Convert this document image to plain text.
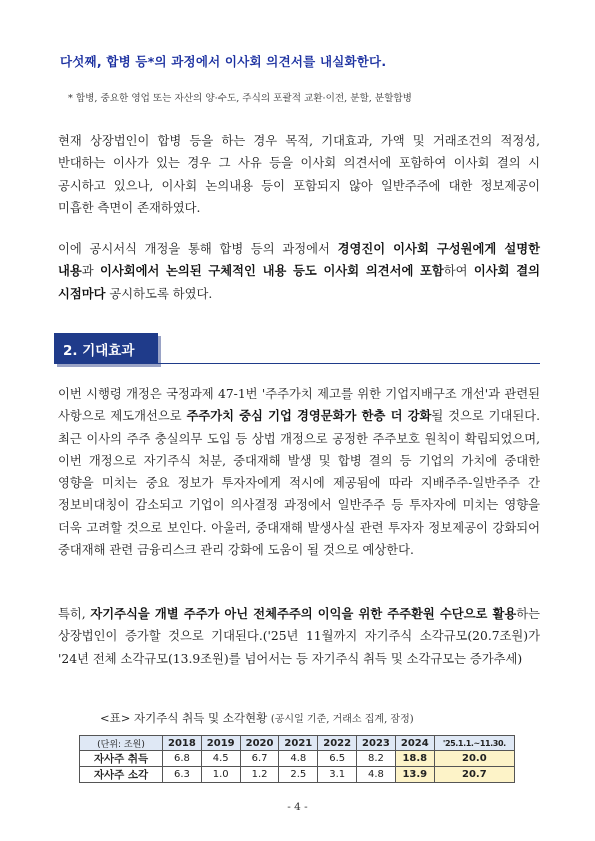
다섯째, 합병 등*의 과정에서 이사회 의견서를 내실화한다.
* 합병, 중요한 영업 또는 자산의 양·수도, 주식의 포괄적 교환·이전, 분할, 분할합병
현재 상장법인이 합병 등을 하는 경우 목적, 기대효과, 가액 및 거래조건의 적정성, 반대하는 이사가 있는 경우 그 사유 등을 이사회 의견서에 포함하여 이사회 결의 시 공시하고 있으나, 이사회 논의내용 등이 포함되지 않아 일반주주에 대한 정보제공이 미흡한 측면이 존재하였다.
이에 공시서식 개정을 통해 합병 등의 과정에서 경영진이 이사회 구성원에게 설명한 내용과 이사회에서 논의된 구체적인 내용 등도 이사회 의견서에 포함하여 이사회 결의 시점마다 공시하도록 하였다.
2. 기대효과
이번 시행령 개정은 국정과제 47-1번 '주주가치 제고를 위한 기업지배구조 개선'과 관련된 사항으로 제도개선으로 주주가치 중심 기업 경영문화가 한층 더 강화될 것으로 기대된다. 최근 이사의 주주 충실의무 도입 등 상법 개정으로 공정한 주주보호 원칙이 확립되었으며, 이번 개정으로 자기주식 처분, 중대재해 발생 및 합병 결의 등 기업의 가치에 중대한 영향을 미치는 중요 정보가 투자자에게 적시에 제공됨에 따라 지배주주-일반주주 간 정보비대칭이 감소되고 기업이 의사결정 과정에서 일반주주 등 투자자에 미치는 영향을 더욱 고려할 것으로 보인다. 아울러, 중대재해 발생사실 관련 투자자 정보제공이 강화되어 중대재해 관련 금융리스크 관리 강화에 도움이 될 것으로 예상한다.
특히, 자기주식을 개별 주주가 아닌 전체주주의 이익을 위한 주주환원 수단으로 활용하는 상장법인이 증가할 것으로 기대된다.('25년 11월까지 자기주식 소각규모(20.7조원)가 '24년 전체 소각규모(13.9조원)를 넘어서는 등 자기주식 취득 및 소각규모는 증가추세)
<표> 자기주식 취득 및 소각현황 (공시일 기준, 거래소 집계, 잠정)
(단위: 조원)	2018	2019	2020	2021	2022	2023	2024	'25.1.1.~11.30.
자사주 취득	6.8	4.5	6.7	4.8	6.5	8.2	18.8	20.0
자사주 소각	6.3	1.0	1.2	2.5	3.1	4.8	13.9	20.7
- 4 -
